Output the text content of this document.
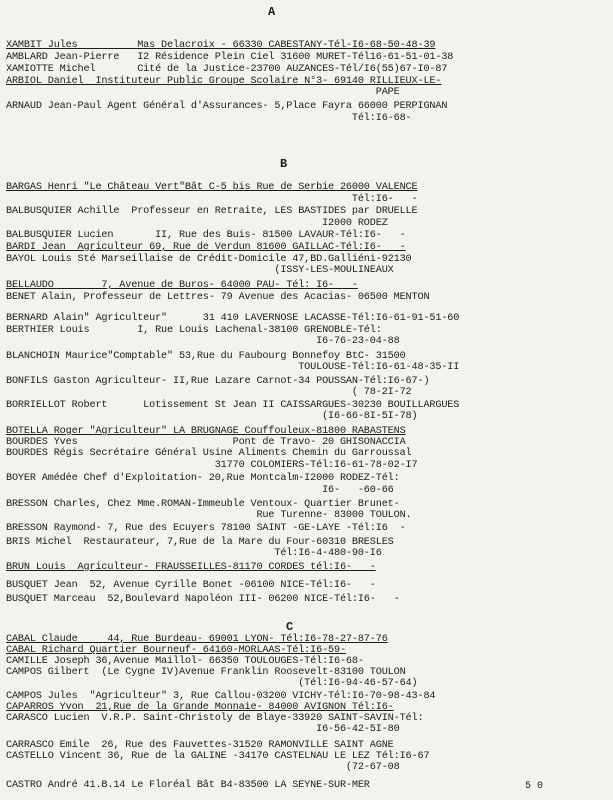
A
XAMBIT Jules          Mas Delacroix - 66330 CABESTANY-Tél-I6-68-50-48-39
AMBLARD Jean-Pierre   I2 Résidence Plein Ciel 31600 MURET-Tél16-61-51-01-38
XAMIOTTE Michel       Cité de la Justice-23700 AUZANCES-Tél/I6(55)67-I0-87
ARBIOL Daniel  Instituteur Public Groupe Scolaire N°3- 69140 RILLIEUX-LE-
PAPE
ARNAUD Jean-Paul Agent Général d'Assurances- 5,Place Fayra 66000 PERPIGNAN
Tél:I6-68-
B
BARGAS Henri "Le Château Vert"Bât C-5 bis Rue de Serbie 26000 VALENCE
Tél:I6-   -
BALBUSQUIER Achille  Professeur en Retraite, LES BASTIDES par DRUELLE
I2000 RODEZ
BALBUSQUIER Lucien       II, Rue des Buis- 81500 LAVAUR-Tél:I6-   -
BARDI Jean  Agriculteur 69, Rue de Verdun 81600 GAILLAC-Tél:I6-   -
BAYOL Louis Sté Marseillaise de Crédit-Domicile 47,BD.Galliéni-92130
(ISSY-LES-MOULINEAUX
BELLAUDO        7, Avenue de Buros- 64000 PAU- Tél: I6-   -
BENET Alain, Professeur de Lettres- 79 Avenue des Acacias- 06500 MENTON
BERNARD Alain" Agriculteur"      31 410 LAVERNOSE LACASSE-Tél:I6-61-91-51-60
BERTHIER Louis        I, Rue Louis Lachenal-38100 GRENOBLE-Tél:
I6-76-23-04-88
BLANCHOIN Maurice"Comptable" 53,Rue du Faubourg Bonnefoy BtC- 31500
TOULOUSE-Tél:I6-61-48-35-II
BONFILS Gaston Agriculteur- II,Rue Lazare Carnot-34 POUSSAN-Tél:I6-67-)
( 78-2I-72
BORRIELLOT Robert      Lotissement St Jean II CAISSARGUES-30230 BOUILLARGUES
(I6-66-8I-5I-78)
BOTELLA Roger "Agriculteur" LA BRUGNAGE Couffouleux-81800 RABASTENS
BOURDES Yves                          Pont de Travo- 20 GHISONACCIA
BOURDES Régis Secrétaire Général Usine Aliments Chemin du Garroussal
31770 COLOMIERS-Tél:I6-61-78-02-I7
BOYER Amédée Chef d'Exploitation- 20,Rue Montcalm-I2000 RODEZ-Tél:
I6-   -60-66
BRESSON Charles, Chez Mme.ROMAN-Immeuble Ventoux- Quartier Brunet-
Rue Turenne- 83000 TOULON.
BRESSON Raymond- 7, Rue des Ecuyers 78100 SAINT -GE-LAYE -Tél:I6  -
BRIS Michel  Restaurateur, 7,Rue de la Mare du Four-60310 BRESLES
Tél:I6-4-480-90-I6
BRUN Louis  Agriculteur- FRAUSSEILLES-81170 CORDES tél:I6-   -
BUSQUET Jean  52, Avenue Cyrille Bonet -06100 NICE-Tél:I6-   -
BUSQUET Marceau  52,Boulevard Napoléon III- 06200 NICE-Tél:I6-   -
C
CABAL Claude     44, Rue Burdeau- 69001 LYON- Tél:I6-78-27-87-76
CABAL Richard Quartier Bourneuf- 64160-MORLAAS-Tél:I6-59-
CAMILLE Joseph 36,Avenue Maillol- 66350 TOULOUGES-Tél:I6-68-
CAMPOS Gilbert  (Le Cygne IV)Avenue Franklin Roosevelt-83100 TOULON
(Tél:I6-94-46-57-64)
CAMPOS Jules  "Agriculteur" 3, Rue Callou-03200 VICHY-Tél:I6-70-98-43-84
CAPARROS Yvon  21,Rue de la Grande Monnaie- 84000 AVIGNON Tél:I6-
CARASCO Lucien  V.R.P. Saint-Christoly de Blaye-33920 SAINT-SAVIN-Tél:
I6-56-42-5I-80
CARRASCO Emile  26, Rue des Fauvettes-31520 RAMONVILLE SAINT AGNE
CASTELLO Vincent 36, Rue de la GALINE -34170 CASTELNAU LE LEZ Tél:I6-67
(72-67-08
CASTRO André 41.B.14 Le Floréal Bât B4-83500 LA SEYNE-SUR-MER	5 0
